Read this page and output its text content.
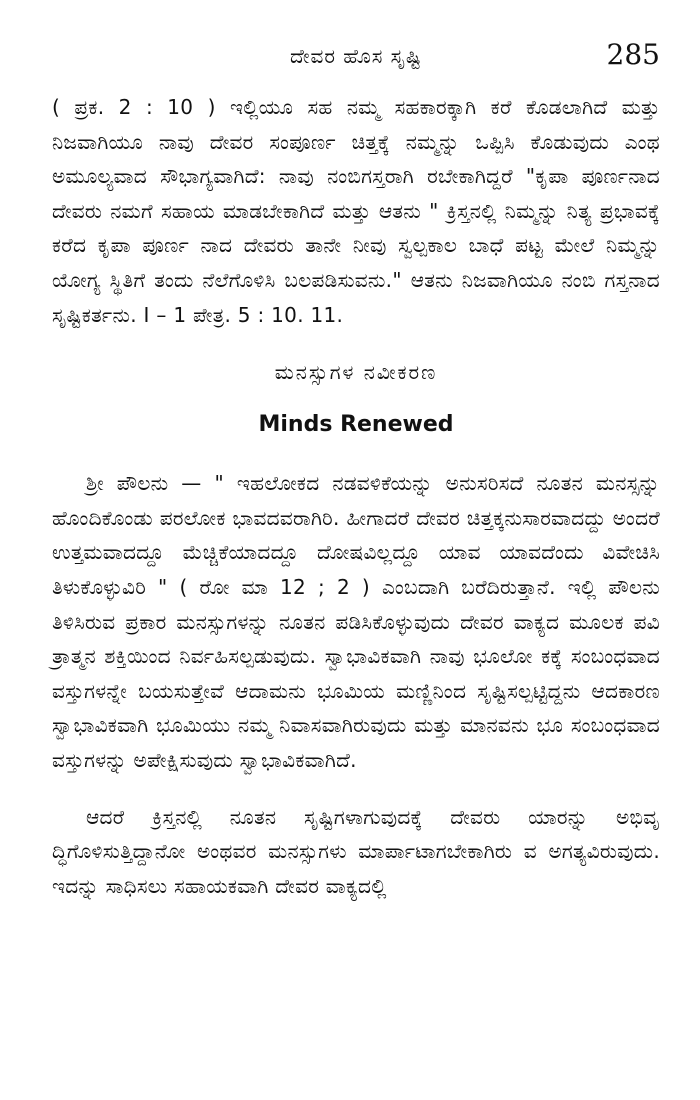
ದೇವರ ಹೊಸ ಸೃಷ್ಟಿ	285

( ಪ್ರಕ. 2 : 10 ) ಇಲ್ಲಿಯೂ ಸಹ ನಮ್ಮ ಸಹಕಾರಕ್ಕಾಗಿ ಕರೆ ಕೊಡಲಾಗಿದೆ ಮತ್ತು ನಿಜವಾಗಿಯೂ ನಾವು ದೇವರ ಸಂಪೂರ್ಣ ಚಿತ್ತಕ್ಕೆ ನಮ್ಮನ್ನು ಒಪ್ಪಿಸಿ ಕೊಡುವುದು ಎಂಥ ಅಮೂಲ್ಯವಾದ ಸೌಭಾಗ್ಯವಾಗಿದೆ: ನಾವು ನಂಬಿಗಸ್ತರಾಗಿ ರಬೇಕಾಗಿದ್ದರೆ "ಕೃಪಾ ಪೂರ್ಣನಾದ ದೇವರು ನಮಗೆ ಸಹಾಯ ಮಾಡಬೇಕಾಗಿದೆ ಮತ್ತು ಆತನು " ಕ್ರಿಸ್ತನಲ್ಲಿ ನಿಮ್ಮನ್ನು ನಿತ್ಯ ಪ್ರಭಾವಕ್ಕೆ ಕರೆದ ಕೃಪಾ ಪೂರ್ಣ ನಾದ ದೇವರು ತಾನೇ ನೀವು ಸ್ವಲ್ಪಕಾಲ ಬಾಧೆ ಪಟ್ಟ ಮೇಲೆ ನಿಮ್ಮನ್ನು ಯೋಗ್ಯ ಸ್ಥಿತಿಗೆ ತಂದು ನೆಲೆಗೊಳಿಸಿ ಬಲಪಡಿಸುವನು." ಆತನು ನಿಜವಾಗಿಯೂ ನಂಬಿ ಗಸ್ತನಾದ ಸೃಷ್ಟಿಕರ್ತನು. I – 1 ಪೇತ್ರ. 5 : 10. 11.

ಮನಸ್ಸುಗಳ ನವೀಕರಣ
Minds Renewed

ಶ್ರೀ ಪೌಲನು — " ಇಹಲೋಕದ ನಡವಳಿಕೆಯನ್ನು ಅನುಸರಿಸದೆ ನೂತನ ಮನಸ್ಸನ್ನು ಹೊಂದಿಕೊಂಡು ಪರಲೋಕ ಭಾವದವರಾಗಿರಿ. ಹೀಗಾದರೆ ದೇವರ ಚಿತ್ತಕ್ಕನುಸಾರವಾದದ್ದು ಅಂದರೆ ಉತ್ತಮವಾದದ್ದೂ ಮೆಚ್ಚಿಕೆಯಾದದ್ದೂ ದೋಷವಿಲ್ಲದ್ದೂ ಯಾವ ಯಾವದೆಂದು ವಿವೇಚಿಸಿ ತಿಳುಕೊಳ್ಳುವಿರಿ " ( ರೋ ಮಾ 12 ; 2 ) ಎಂಬದಾಗಿ ಬರೆದಿರುತ್ತಾನೆ. ಇಲ್ಲಿ ಪೌಲನು ತಿಳಿಸಿರುವ ಪ್ರಕಾರ ಮನಸ್ಸುಗಳನ್ನು ನೂತನ ಪಡಿಸಿಕೊಳ್ಳುವುದು ದೇವರ ವಾಕ್ಯದ ಮೂಲಕ ಪವಿ ತ್ರಾತ್ಮನ ಶಕ್ತಿಯಿಂದ ನಿರ್ವಹಿಸಲ್ಪಡುವುದು. ಸ್ವಾಭಾವಿಕವಾಗಿ ನಾವು ಭೂಲೋ ಕಕ್ಕೆ ಸಂಬಂಧವಾದ ವಸ್ತುಗಳನ್ನೇ ಬಯಸುತ್ತೇವೆ ಆದಾಮನು ಭೂಮಿಯ ಮಣ್ಣಿನಿಂದ ಸೃಷ್ಟಿಸಲ್ಪಟ್ಟಿದ್ದನು ಆದಕಾರಣ ಸ್ವಾಭಾವಿಕವಾಗಿ ಭೂಮಿಯು ನಮ್ಮ ನಿವಾಸವಾಗಿರುವುದು ಮತ್ತು ಮಾನವನು ಭೂ ಸಂಬಂಧವಾದ ವಸ್ತುಗಳನ್ನು ಅಪೇಕ್ಷಿಸುವುದು ಸ್ವಾಭಾವಿಕವಾಗಿದೆ.

ಆದರೆ ಕ್ರಿಸ್ತನಲ್ಲಿ ನೂತನ ಸೃಷ್ಟಿಗಳಾಗುವುದಕ್ಕೆ ದೇವರು ಯಾರನ್ನು ಅಭಿವೃ ದ್ಧಿಗೊಳಿಸುತ್ತಿದ್ದಾನೋ ಅಂಥವರ ಮನಸ್ಸುಗಳು ಮಾರ್ಪಾಟಾಗಬೇಕಾಗಿರು ವ ಅಗತ್ಯವಿರುವುದು. ಇದನ್ನು ಸಾಧಿಸಲು ಸಹಾಯಕವಾಗಿ ದೇವರ ವಾಕ್ಯದಲ್ಲಿ
